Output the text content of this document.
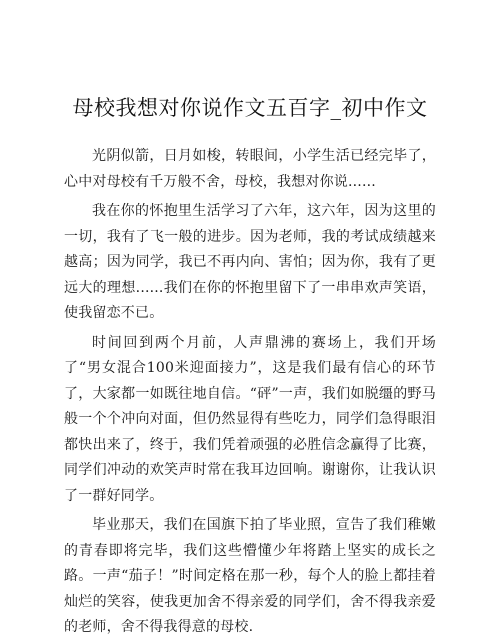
母校我想对你说作文五百字_初中作文

光阴似箭，日月如梭，转眼间，小学生活已经完毕了，心中对母校有千万般不舍，母校，我想对你说......

我在你的怀抱里生活学习了六年，这六年，因为这里的一切，我有了飞一般的进步。因为老师，我的考试成绩越来越高；因为同学，我已不再内向、害怕；因为你，我有了更远大的理想......我们在你的怀抱里留下了一串串欢声笑语，使我留恋不已。

时间回到两个月前，人声鼎沸的赛场上，我们开场了“男女混合100米迎面接力”，这是我们最有信心的环节了，大家都一如既往地自信。“砰”一声，我们如脱缰的野马般一个个冲向对面，但仍然显得有些吃力，同学们急得眼泪都快出来了，终于，我们凭着顽强的必胜信念赢得了比赛，同学们冲动的欢笑声时常在我耳边回响。谢谢你，让我认识了一群好同学。

毕业那天，我们在国旗下拍了毕业照，宣告了我们稚嫩的青春即将完毕，我们这些懵懂少年将踏上坚实的成长之路。一声“茄子！”时间定格在那一秒，每个人的脸上都挂着灿烂的笑容，使我更加舍不得亲爱的同学们，舍不得我亲爱的老师，舍不得我得意的母校.
